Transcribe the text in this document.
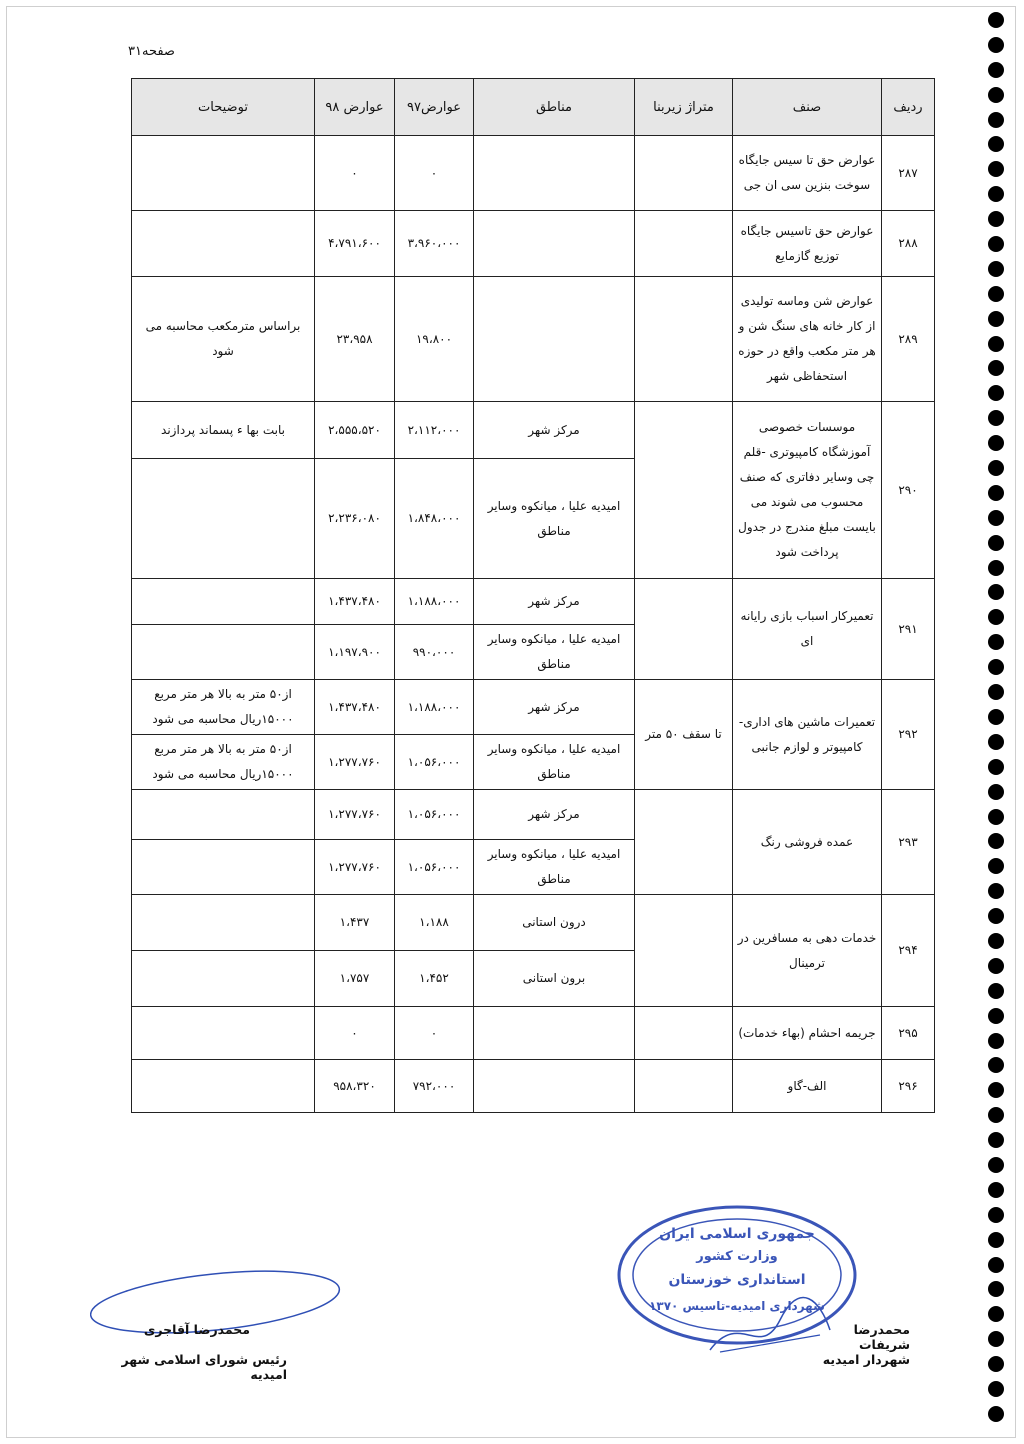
صفحه۳۱
ردیف	صنف	متراژ زیربنا	مناطق	عوارض۹۷	عوارض ۹۸	توضیحات
۲۸۷	عوارض حق تا سیس جایگاه سوخت بنزین سی ان جی			۰	۰	
۲۸۸	عوارض حق تاسیس جایگاه توزیع گازمایع			۳،۹۶۰،۰۰۰	۴،۷۹۱،۶۰۰	
۲۸۹	عوارض شن وماسه تولیدی از کار خانه های سنگ شن و هر متر مکعب واقع در حوزه استحفاظی شهر			۱۹،۸۰۰	۲۳،۹۵۸	براساس مترمکعب محاسبه می شود
۲۹۰	موسسات خصوصی آموزشگاه کامپیوتری -قلم چی وسایر دفاتری که صنف محسوب می شوند می بایست مبلغ مندرج در جدول پرداخت شود		مرکز شهر	۲،۱۱۲،۰۰۰	۲،۵۵۵،۵۲۰	بابت بها ء پسماند پردازند
			امیدیه علیا ، میانکوه وسایر مناطق	۱،۸۴۸،۰۰۰	۲،۲۳۶،۰۸۰	
۲۹۱	تعمیرکار اسباب بازی رایانه ای		مرکز شهر	۱،۱۸۸،۰۰۰	۱،۴۳۷،۴۸۰	
			امیدیه علیا ، میانکوه وسایر مناطق	۹۹۰،۰۰۰	۱،۱۹۷،۹۰۰	
۲۹۲	تعمیرات ماشین های اداری- کامپیوتر و لوازم جانبی	تا سقف ۵۰ متر	مرکز شهر	۱،۱۸۸،۰۰۰	۱،۴۳۷،۴۸۰	از۵۰ متر به بالا هر متر مربع ۱۵۰۰۰ریال محاسبه می شود
			امیدیه علیا ، میانکوه وسایر مناطق	۱،۰۵۶،۰۰۰	۱،۲۷۷،۷۶۰	از۵۰ متر به بالا هر متر مربع ۱۵۰۰۰ریال محاسبه می شود
۲۹۳	عمده فروشی رنگ		مرکز شهر	۱،۰۵۶،۰۰۰	۱،۲۷۷،۷۶۰	
			امیدیه علیا ، میانکوه وسایر مناطق	۱،۰۵۶،۰۰۰	۱،۲۷۷،۷۶۰	
۲۹۴	خدمات دهی به مسافرین در ترمینال		درون استانی	۱،۱۸۸	۱،۴۳۷	
			برون استانی	۱،۴۵۲	۱،۷۵۷	
۲۹۵	جریمه احشام (بهاء خدمات)			۰	۰	
۲۹۶	الف-گاو			۷۹۲،۰۰۰	۹۵۸،۳۲۰	
محمدرضا آقاجری
رئیس شورای اسلامی شهر امیدیه
محمدرضا شریفات
شهردار امیدیه
جمهوری اسلامی ایران
وزارت کشور
استانداری خوزستان
شهرداری امیدیه-تاسیس ۱۳۷۰
